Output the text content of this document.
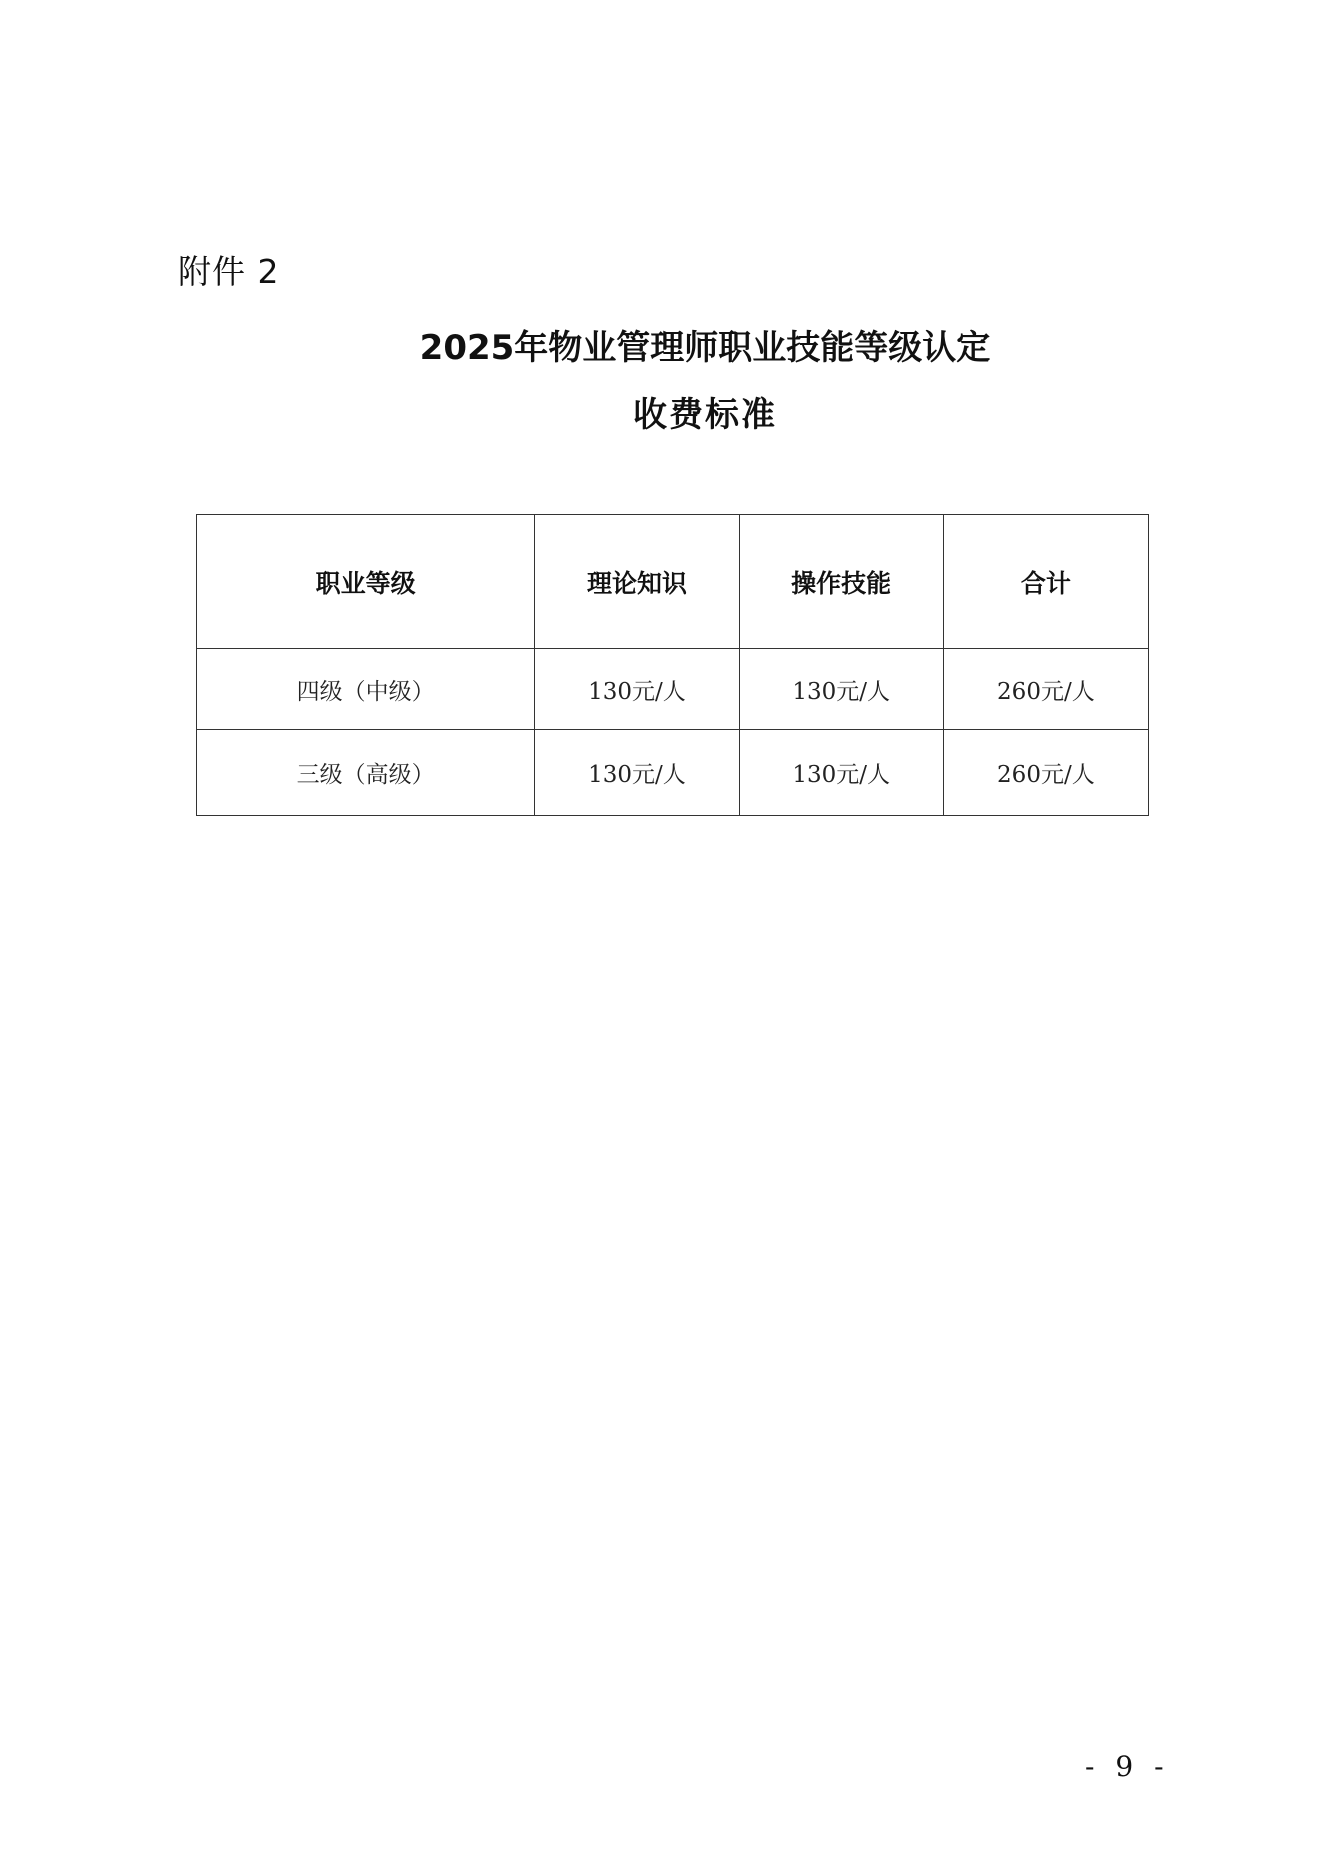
附件 2
2025年物业管理师职业技能等级认定
收费标准
职业等级	理论知识	操作技能	合计
四级（中级）	130元/人	130元/人	260元/人
三级（高级）	130元/人	130元/人	260元/人
- 9 -
